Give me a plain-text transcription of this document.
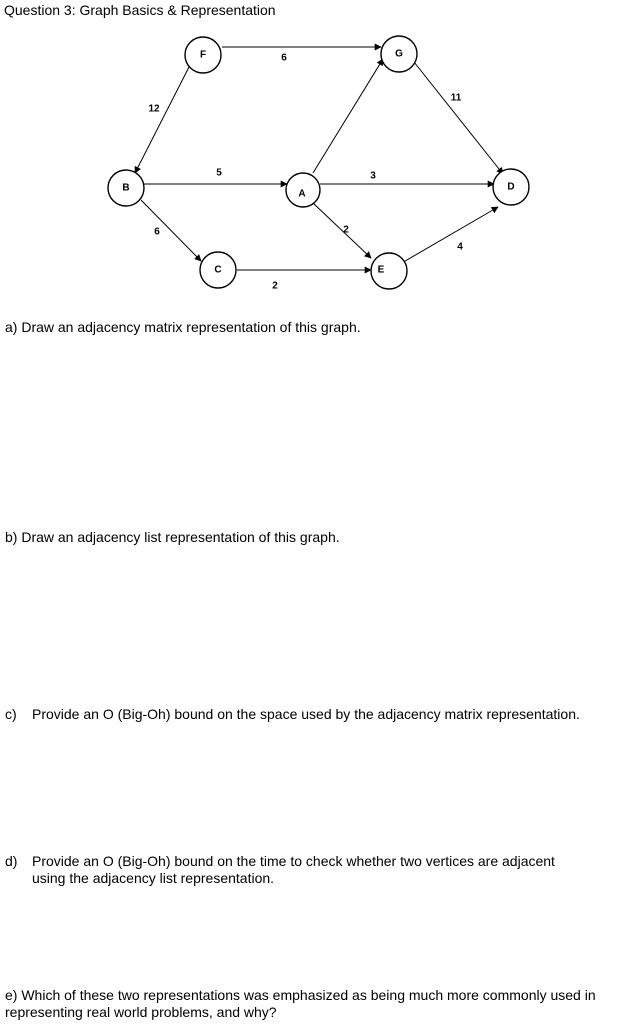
Question 3: Graph Basics & Representation
6
12
11
5	3
2
6
2
4
F	G
B
A
D
C	E
a) Draw an adjacency matrix representation of this graph.
b) Draw an adjacency list representation of this graph.
c) Provide an O (Big-Oh) bound on the space used by the adjacency matrix representation.
d) Provide an O (Big-Oh) bound on the time to check whether two vertices are adjacent
using the adjacency list representation.
e) Which of these two representations was emphasized as being much more commonly used in representing real world problems, and why?
